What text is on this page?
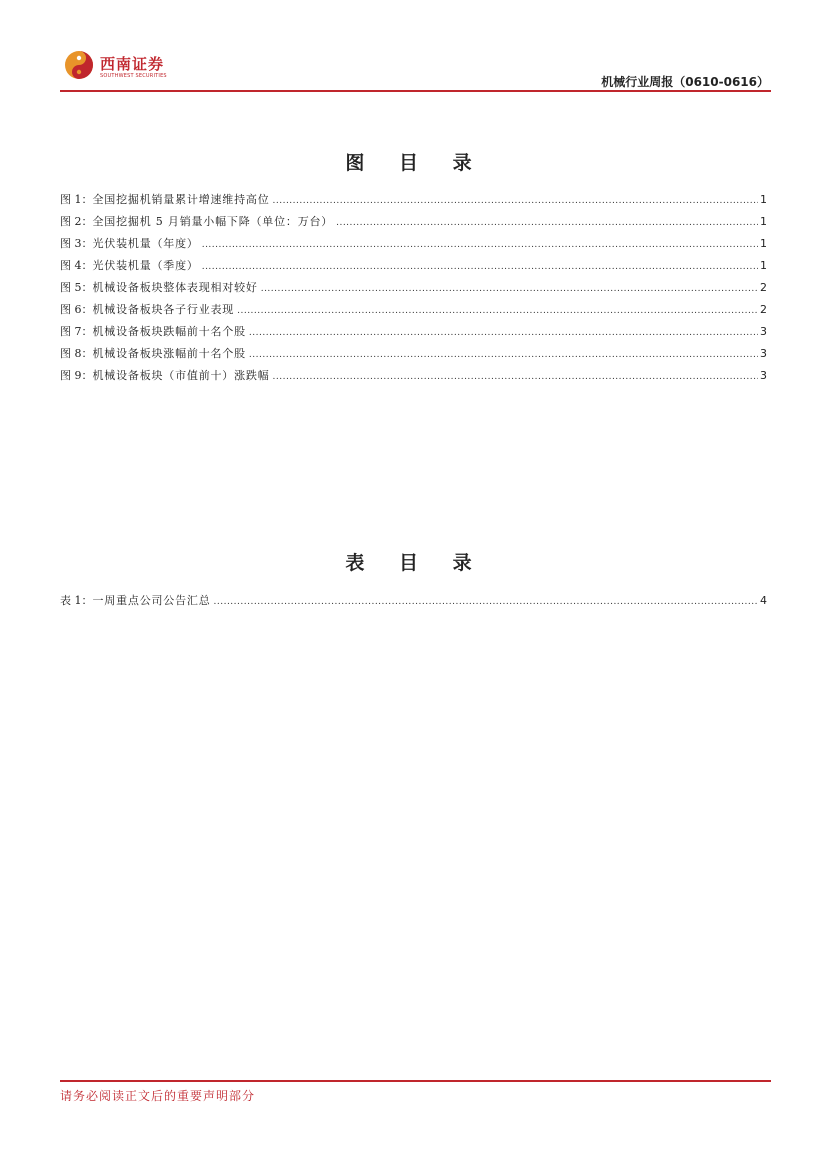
西南证券
SOUTHWEST SECURITIES	机械行业周报（0610-0616）
图 目 录
图 1： 全国挖掘机销量累计增速维持高位 .....	1
图 2： 全国挖掘机 5 月销量小幅下降（单位：万台） .....	1
图 3： 光伏装机量（年度） .....	1
图 4： 光伏装机量（季度） .....	1
图 5： 机械设备板块整体表现相对较好 .....	2
图 6： 机械设备板块各子行业表现 .....	2
图 7： 机械设备板块跌幅前十名个股 .....	3
图 8： 机械设备板块涨幅前十名个股 .....	3
图 9： 机械设备板块（市值前十）涨跌幅 .....	3
表 目 录
表 1： 一周重点公司公告汇总 .....	4
请务必阅读正文后的重要声明部分
